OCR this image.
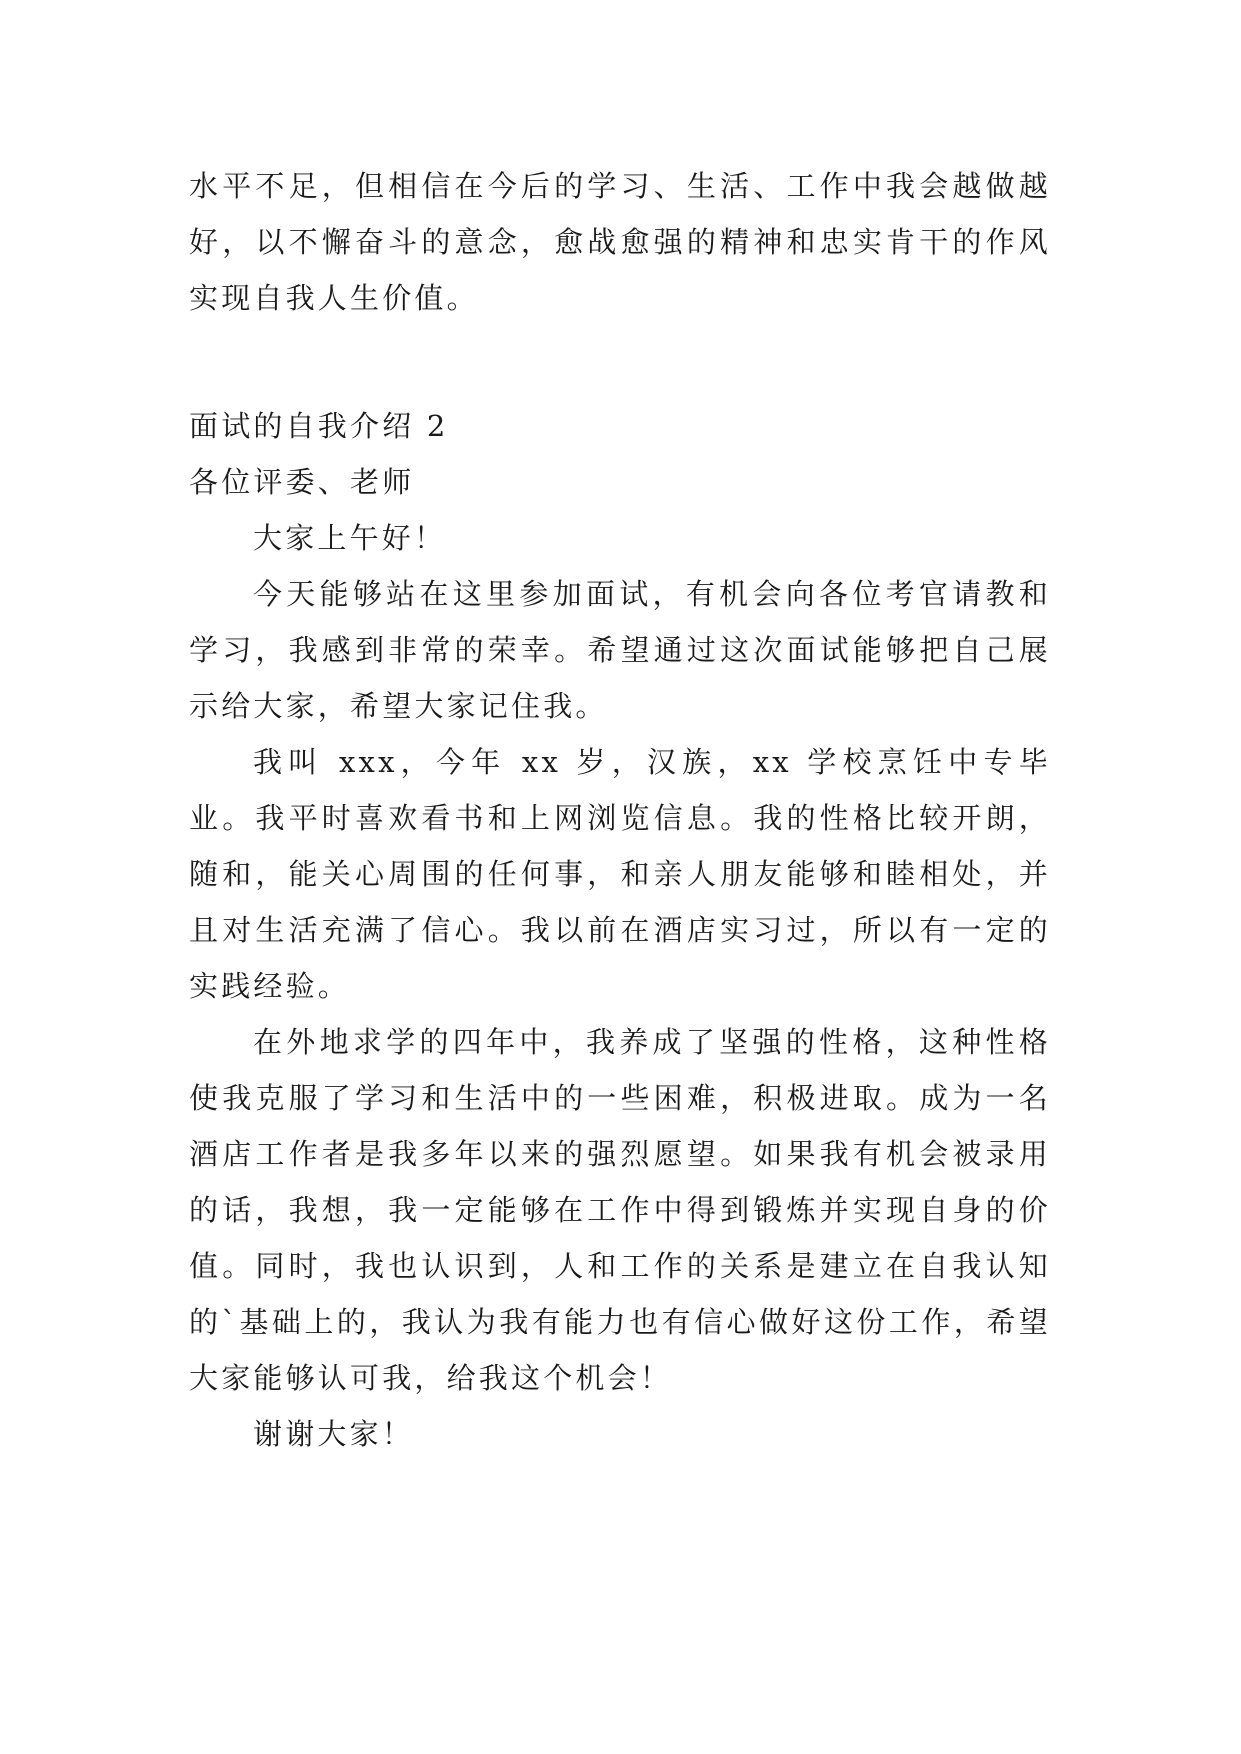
水平不足，但相信在今后的学习、生活、工作中我会越做越好，以不懈奋斗的意念，愈战愈强的精神和忠实肯干的作风实现自我人生价值。

面试的自我介绍 2

各位评委、老师

大家上午好！

今天能够站在这里参加面试，有机会向各位考官请教和学习，我感到非常的荣幸。希望通过这次面试能够把自己展示给大家，希望大家记住我。

我叫 xxx，今年 xx 岁，汉族，xx 学校烹饪中专毕业。我平时喜欢看书和上网浏览信息。我的性格比较开朗，随和，能关心周围的任何事，和亲人朋友能够和睦相处，并且对生活充满了信心。我以前在酒店实习过，所以有一定的实践经验。

在外地求学的四年中，我养成了坚强的性格，这种性格使我克服了学习和生活中的一些困难，积极进取。成为一名酒店工作者是我多年以来的强烈愿望。如果我有机会被录用的话，我想，我一定能够在工作中得到锻炼并实现自身的价值。同时，我也认识到，人和工作的关系是建立在自我认知的`基础上的，我认为我有能力也有信心做好这份工作，希望大家能够认可我，给我这个机会！

谢谢大家！
